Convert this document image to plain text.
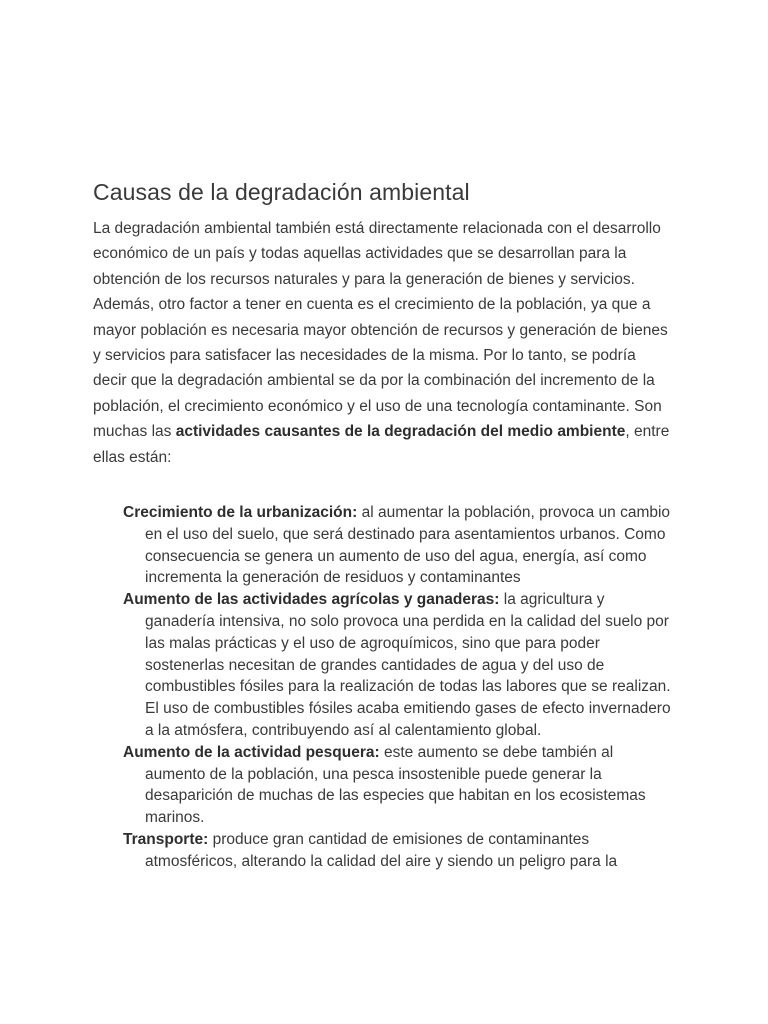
Causas de la degradación ambiental

La degradación ambiental también está directamente relacionada con el desarrollo económico de un país y todas aquellas actividades que se desarrollan para la obtención de los recursos naturales y para la generación de bienes y servicios. Además, otro factor a tener en cuenta es el crecimiento de la población, ya que a mayor población es necesaria mayor obtención de recursos y generación de bienes y servicios para satisfacer las necesidades de la misma. Por lo tanto, se podría decir que la degradación ambiental se da por la combinación del incremento de la población, el crecimiento económico y el uso de una tecnología contaminante. Son muchas las actividades causantes de la degradación del medio ambiente, entre ellas están:

Crecimiento de la urbanización: al aumentar la población, provoca un cambio en el uso del suelo, que será destinado para asentamientos urbanos. Como consecuencia se genera un aumento de uso del agua, energía, así como incrementa la generación de residuos y contaminantes
Aumento de las actividades agrícolas y ganaderas: la agricultura y ganadería intensiva, no solo provoca una perdida en la calidad del suelo por las malas prácticas y el uso de agroquímicos, sino que para poder sostenerlas necesitan de grandes cantidades de agua y del uso de combustibles fósiles para la realización de todas las labores que se realizan. El uso de combustibles fósiles acaba emitiendo gases de efecto invernadero a la atmósfera, contribuyendo así al calentamiento global.
Aumento de la actividad pesquera: este aumento se debe también al aumento de la población, una pesca insostenible puede generar la desaparición de muchas de las especies que habitan en los ecosistemas marinos.
Transporte: produce gran cantidad de emisiones de contaminantes atmosféricos, alterando la calidad del aire y siendo un peligro para la
